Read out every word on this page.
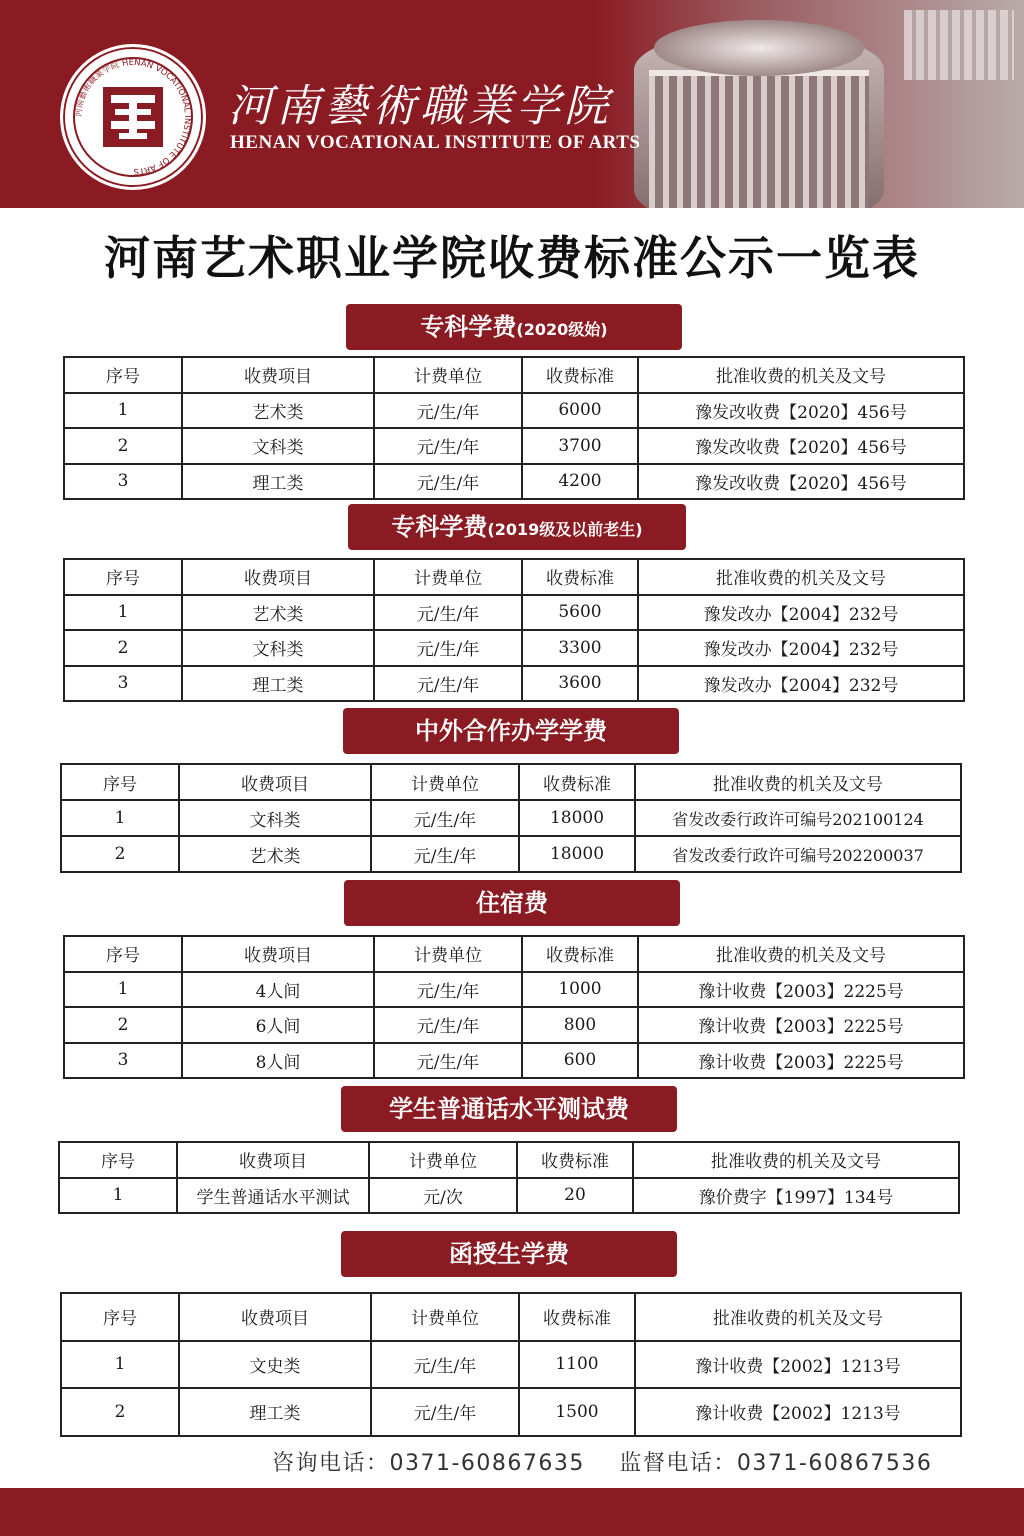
河南藝術職業学院 HENAN VOCATIONAL INSTITUTE OF ARTS
河南藝術職業学院
HENAN VOCATIONAL INSTITUTE OF ARTS
河南艺术职业学院收费标准公示一览表
专科学费(2020级始)
序号	收费项目	计费单位	收费标准	批准收费的机关及文号
1	艺术类	元/生/年	6000	豫发改收费【2020】456号
2	文科类	元/生/年	3700	豫发改收费【2020】456号
3	理工类	元/生/年	4200	豫发改收费【2020】456号
专科学费(2019级及以前老生)
序号	收费项目	计费单位	收费标准	批准收费的机关及文号
1	艺术类	元/生/年	5600	豫发改办【2004】232号
2	文科类	元/生/年	3300	豫发改办【2004】232号
3	理工类	元/生/年	3600	豫发改办【2004】232号
中外合作办学学费
序号	收费项目	计费单位	收费标准	批准收费的机关及文号
1	文科类	元/生/年	18000	省发改委行政许可编号202100124
2	艺术类	元/生/年	18000	省发改委行政许可编号202200037
住宿费
序号	收费项目	计费单位	收费标准	批准收费的机关及文号
1	4人间	元/生/年	1000	豫计收费【2003】2225号
2	6人间	元/生/年	800	豫计收费【2003】2225号
3	8人间	元/生/年	600	豫计收费【2003】2225号
学生普通话水平测试费
序号	收费项目	计费单位	收费标准	批准收费的机关及文号
1	学生普通话水平测试	元/次	20	豫价费字【1997】134号
函授生学费
序号	收费项目	计费单位	收费标准	批准收费的机关及文号
1	文史类	元/生/年	1100	豫计收费【2002】1213号
2	理工类	元/生/年	1500	豫计收费【2002】1213号
咨询电话：0371-60867635 监督电话：0371-60867536
